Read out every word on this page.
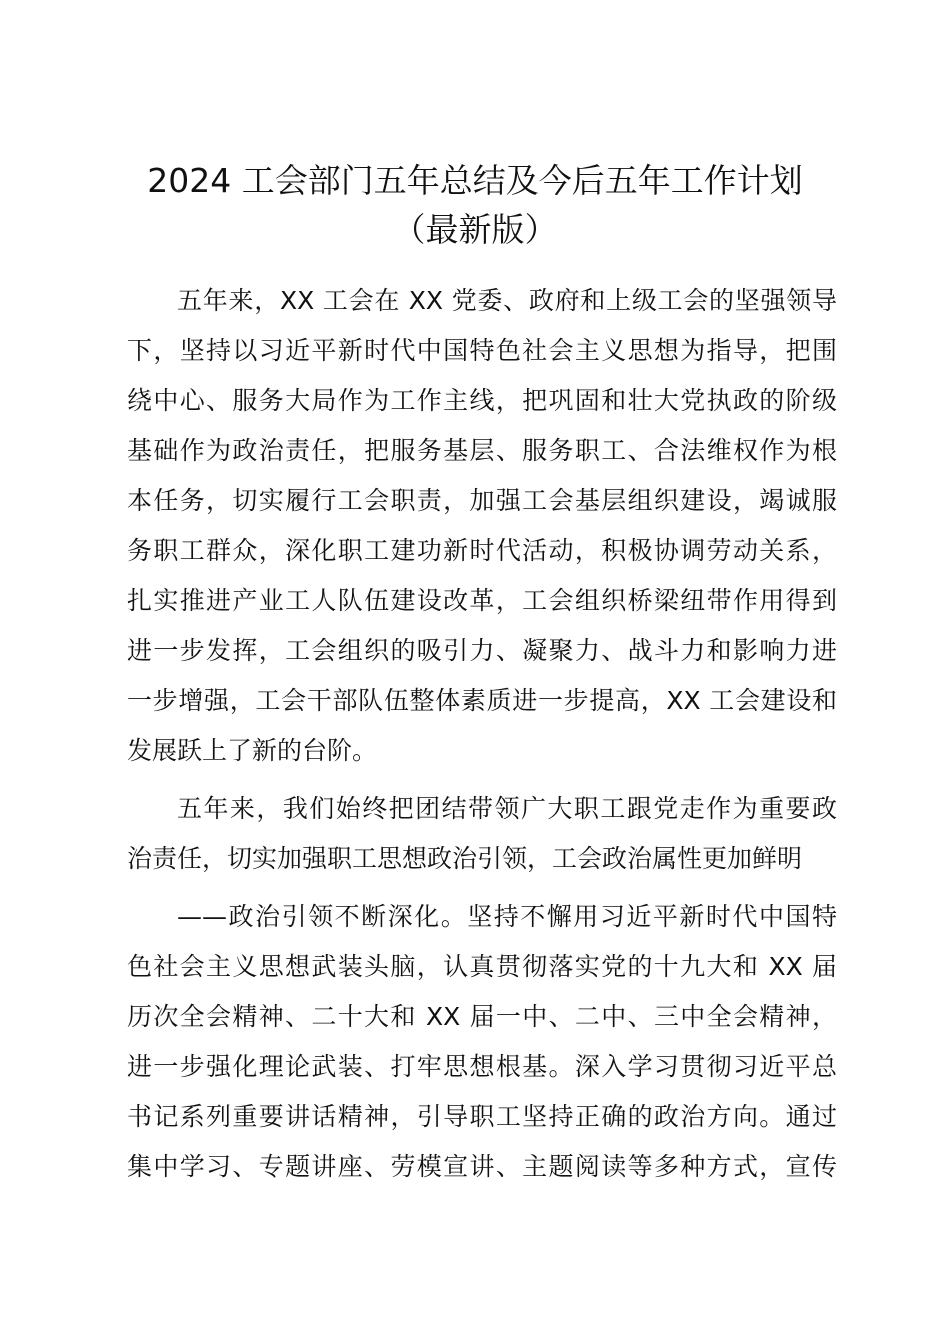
2024 工会部门五年总结及今后五年工作计划
（最新版）
五年来，XX 工会在 XX 党委、政府和上级工会的坚强领导
下，坚持以习近平新时代中国特色社会主义思想为指导，把围
绕中心、服务大局作为工作主线，把巩固和壮大党执政的阶级
基础作为政治责任，把服务基层、服务职工、合法维权作为根
本任务，切实履行工会职责，加强工会基层组织建设，竭诚服
务职工群众，深化职工建功新时代活动，积极协调劳动关系，
扎实推进产业工人队伍建设改革，工会组织桥梁纽带作用得到
进一步发挥，工会组织的吸引力、凝聚力、战斗力和影响力进
一步增强，工会干部队伍整体素质进一步提高，XX 工会建设和
发展跃上了新的台阶。
五年来，我们始终把团结带领广大职工跟党走作为重要政
治责任，切实加强职工思想政治引领，工会政治属性更加鲜明
——政治引领不断深化。坚持不懈用习近平新时代中国特
色社会主义思想武装头脑，认真贯彻落实党的十九大和 XX 届
历次全会精神、二十大和 XX 届一中、二中、三中全会精神，
进一步强化理论武装、打牢思想根基。深入学习贯彻习近平总
书记系列重要讲话精神，引导职工坚持正确的政治方向。通过
集中学习、专题讲座、劳模宣讲、主题阅读等多种方式，宣传
